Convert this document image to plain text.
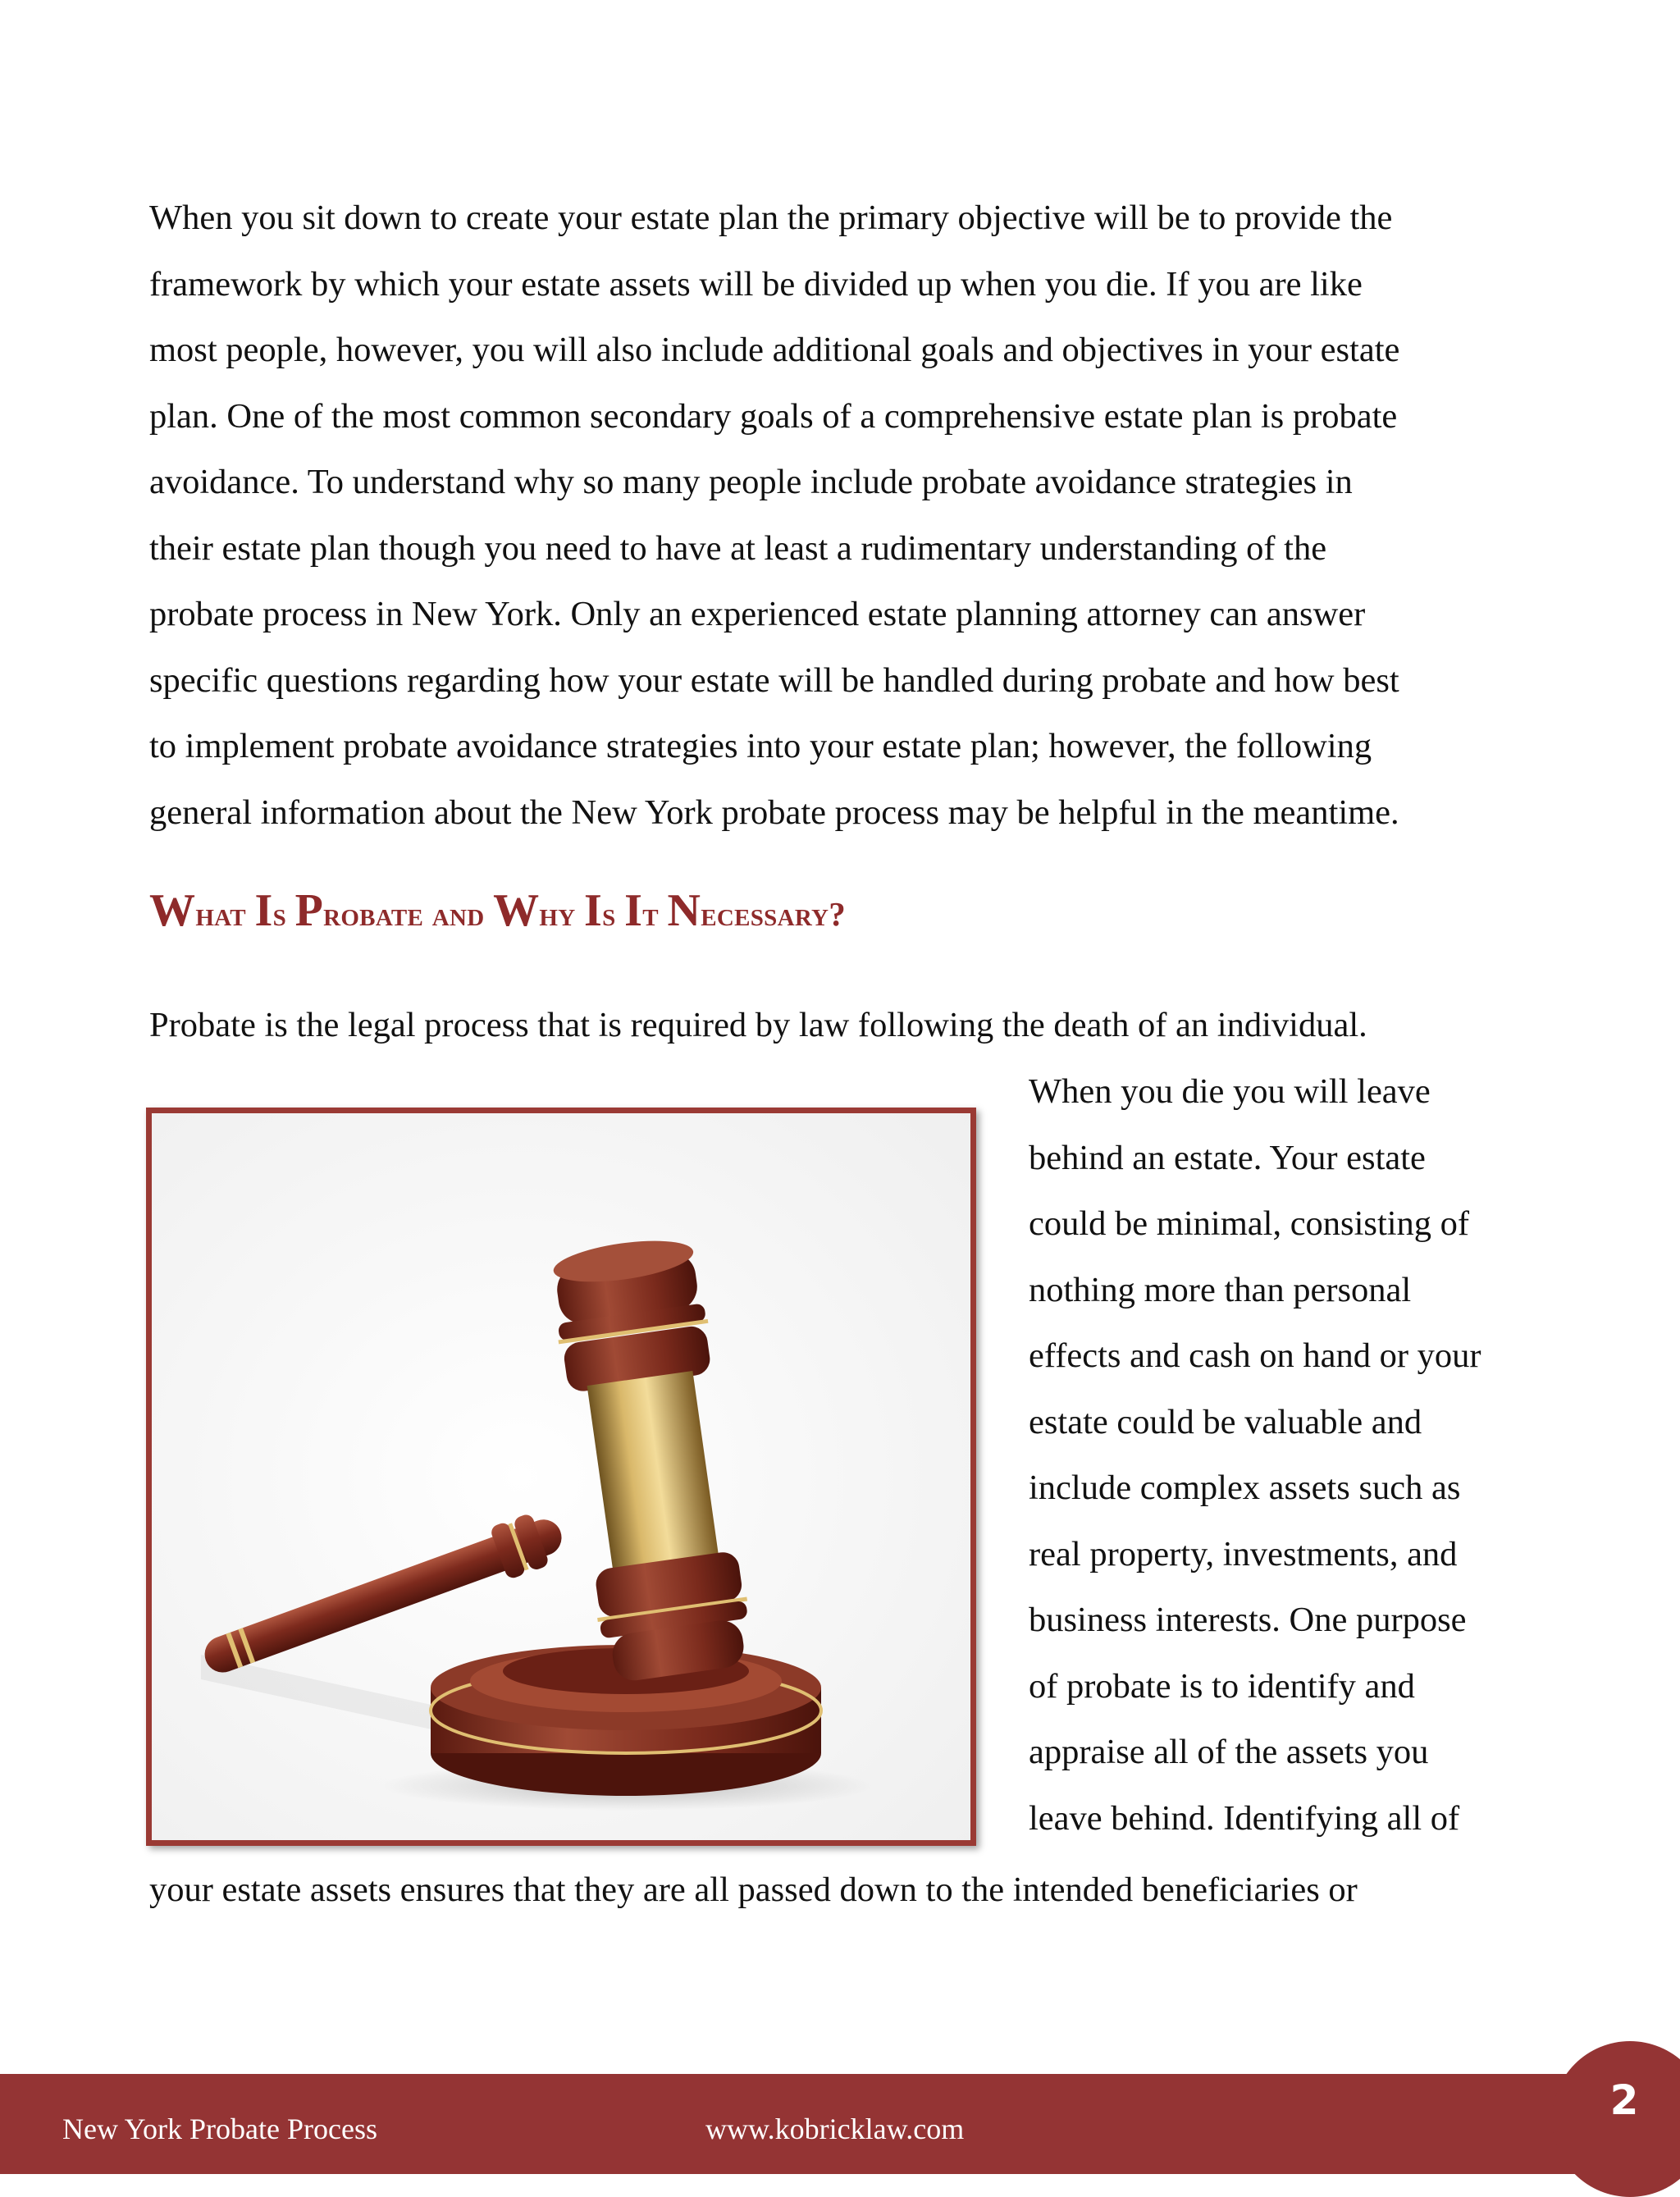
When you sit down to create your estate plan the primary objective will be to provide the
framework by which your estate assets will be divided up when you die. If you are like
most people, however, you will also include additional goals and objectives in your estate
plan. One of the most common secondary goals of a comprehensive estate plan is probate
avoidance. To understand why so many people include probate avoidance strategies in
their estate plan though you need to have at least a rudimentary understanding of the
probate process in New York. Only an experienced estate planning attorney can answer
specific questions regarding how your estate will be handled during probate and how best
to implement probate avoidance strategies into your estate plan; however, the following
general information about the New York probate process may be helpful in the meantime.
What Is Probate and Why Is It Necessary?
Probate is the legal process that is required by law following the death of an individual.
When you die you will leave
behind an estate. Your estate
could be minimal, consisting of
nothing more than personal
effects and cash on hand or your
estate could be valuable and
include complex assets such as
real property, investments, and
business interests. One purpose
of probate is to identify and
appraise all of the assets you
leave behind. Identifying all of
your estate assets ensures that they are all passed down to the intended beneficiaries or
2
New York Probate Process	www.kobricklaw.com
